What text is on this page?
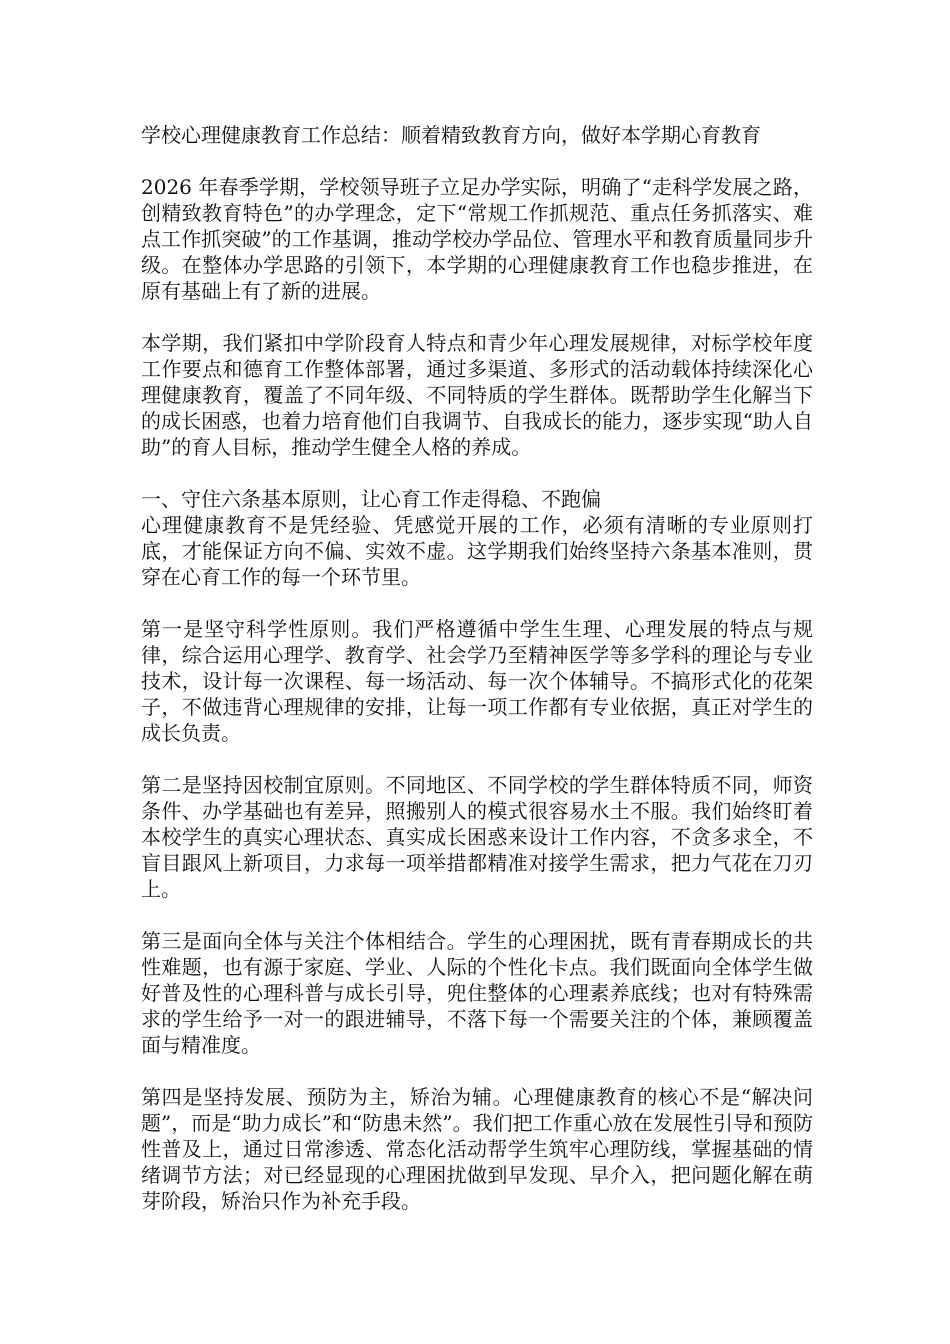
学校心理健康教育工作总结：顺着精致教育方向，做好本学期心育教育

2026 年春季学期，学校领导班子立足办学实际，明确了“走科学发展之路，创精致教育特色”的办学理念，定下“常规工作抓规范、重点任务抓落实、难点工作抓突破”的工作基调，推动学校办学品位、管理水平和教育质量同步升级。在整体办学思路的引领下，本学期的心理健康教育工作也稳步推进，在原有基础上有了新的进展。

本学期，我们紧扣中学阶段育人特点和青少年心理发展规律，对标学校年度工作要点和德育工作整体部署，通过多渠道、多形式的活动载体持续深化心理健康教育，覆盖了不同年级、不同特质的学生群体。既帮助学生化解当下的成长困惑，也着力培育他们自我调节、自我成长的能力，逐步实现“助人自助”的育人目标，推动学生健全人格的养成。

一、守住六条基本原则，让心育工作走得稳、不跑偏

心理健康教育不是凭经验、凭感觉开展的工作，必须有清晰的专业原则打底，才能保证方向不偏、实效不虚。这学期我们始终坚持六条基本准则，贯穿在心育工作的每一个环节里。

第一是坚守科学性原则。我们严格遵循中学生生理、心理发展的特点与规律，综合运用心理学、教育学、社会学乃至精神医学等多学科的理论与专业技术，设计每一次课程、每一场活动、每一次个体辅导。不搞形式化的花架子，不做违背心理规律的安排，让每一项工作都有专业依据，真正对学生的成长负责。

第二是坚持因校制宜原则。不同地区、不同学校的学生群体特质不同，师资条件、办学基础也有差异，照搬别人的模式很容易水土不服。我们始终盯着本校学生的真实心理状态、真实成长困惑来设计工作内容，不贪多求全，不盲目跟风上新项目，力求每一项举措都精准对接学生需求，把力气花在刀刃上。

第三是面向全体与关注个体相结合。学生的心理困扰，既有青春期成长的共性难题，也有源于家庭、学业、人际的个性化卡点。我们既面向全体学生做好普及性的心理科普与成长引导，兜住整体的心理素养底线；也对有特殊需求的学生给予一对一的跟进辅导，不落下每一个需要关注的个体，兼顾覆盖面与精准度。

第四是坚持发展、预防为主，矫治为辅。心理健康教育的核心不是“解决问题”，而是“助力成长”和“防患未然”。我们把工作重心放在发展性引导和预防性普及上，通过日常渗透、常态化活动帮学生筑牢心理防线，掌握基础的情绪调节方法；对已经显现的心理困扰做到早发现、早介入，把问题化解在萌芽阶段，矫治只作为补充手段。
